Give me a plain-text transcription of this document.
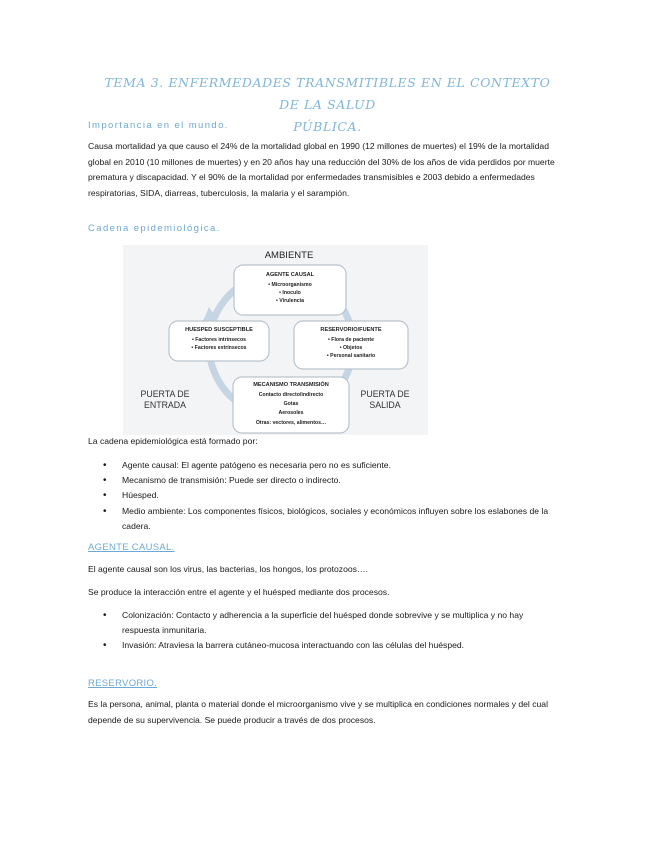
TEMA 3. ENFERMEDADES TRANSMITIBLES EN EL CONTEXTO DE LA SALUD
PÚBLICA.
Importancia en el mundo.
Causa mortalidad ya que causo el 24% de la mortalidad global en 1990 (12 millones de muertes) el 19% de la mortalidad global en 2010 (10 millones de muertes) y en 20 años hay una reducción del 30% de los años de vida perdidos por muerte prematura y discapacidad. Y el 90% de la mortalidad por enfermedades transmisibles e 2003 debido a enfermedades respiratorias, SIDA, diarreas, tuberculosis, la malaria y el sarampión.
Cadena epidemiológica.
AMBIENTE
AGENTE CAUSAL
• Microorganismo
• Inoculo
• Virulencia
HUESPED SUSCEPTIBLE
• Factores intrínsecos
• Factores extrínsecos
RESERVORIO/FUENTE
• Flora de paciente
• Objetos
• Personal sanitario
MECANISMO TRANSMISIÓN
Contacto directo/indirecto
Gotas
Aerosoles
Otras: vectores, alimentos…
PUERTA DE
ENTRADA
PUERTA DE
SALIDA
La cadena epidemiológica está formado por:
• Agente causal: El agente patógeno es necesaria pero no es suficiente.
• Mecanismo de transmisión: Puede ser directo o indirecto.
• Húesped.
• Medio ambiente: Los componentes físicos, biológicos, sociales y económicos influyen sobre los eslabones de la cadera.
AGENTE CAUSAL.
El agente causal son los virus, las bacterias, los hongos, los protozoos….
Se produce la interacción entre el agente y el huésped mediante dos procesos.
• Colonización: Contacto y adherencia a la superficie del huésped donde sobrevive y se multiplica y no hay respuesta inmunitaria.
• Invasión: Atraviesa la barrera cutáneo-mucosa interactuando con las células del huésped.
RESERVORIO.
Es la persona, animal, planta o material donde el microorganismo vive y se multiplica en condiciones normales y del cual depende de su supervivencia. Se puede producir a través de dos procesos.
